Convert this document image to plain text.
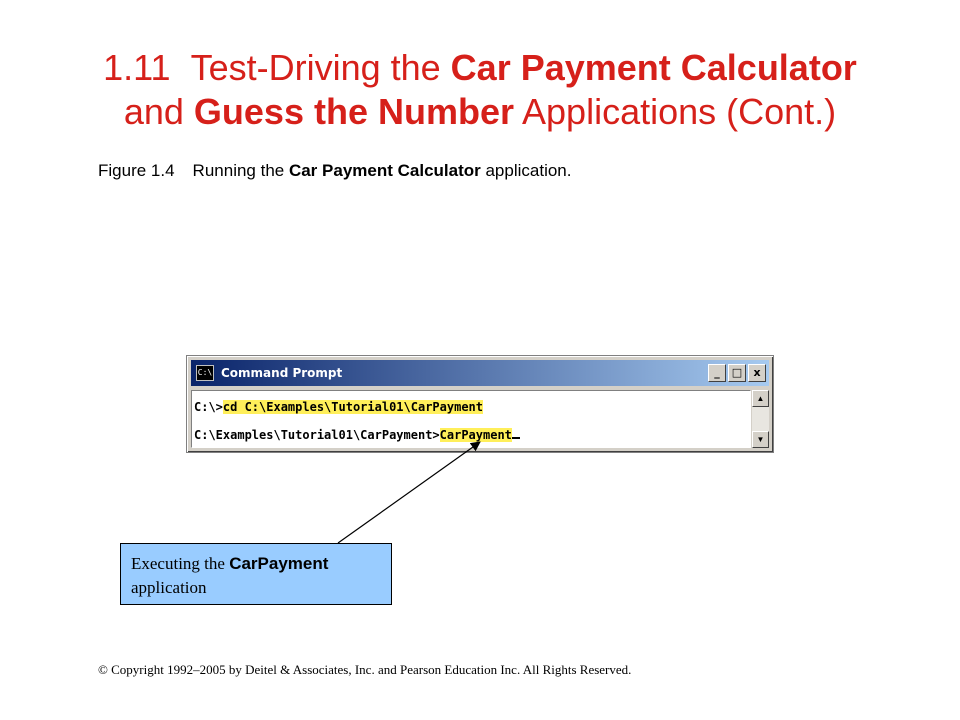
1.11 Test-Driving the Car Payment Calculator
and Guess the Number Applications (Cont.)
Figure 1.4 Running the Car Payment Calculator application.
C:\ Command Prompt	_	□	x
C:\>cd C:\Examples\Tutorial01\CarPayment
C:\Examples\Tutorial01\CarPayment>CarPayment
▲
▼
Executing the CarPayment
application
© Copyright 1992–2005 by Deitel & Associates, Inc. and Pearson Education Inc. All Rights Reserved.
